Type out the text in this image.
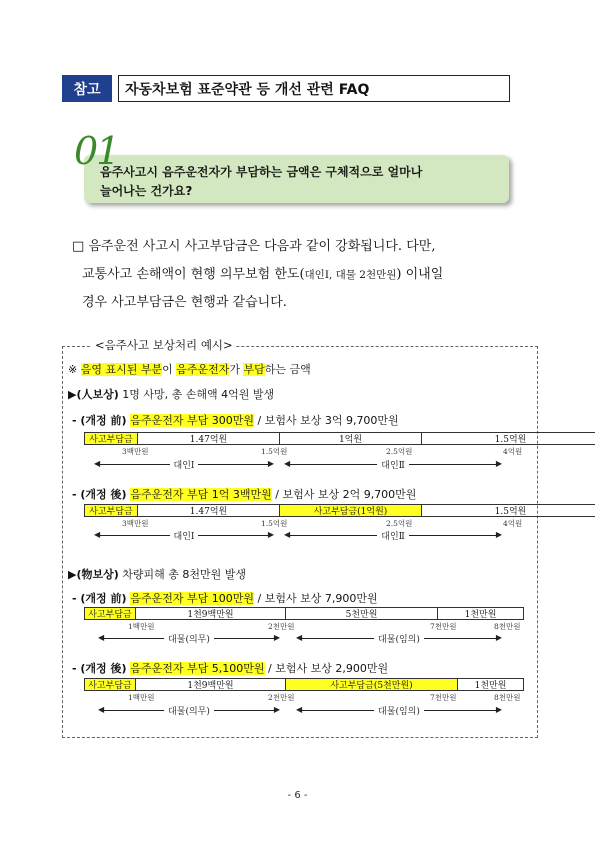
참고	자동차보험 표준약관 등 개선 관련 FAQ
01
음주사고시 음주운전자가 부담하는 금액은 구체적으로 얼마나
늘어나는 건가요?
□ 음주운전 사고시 사고부담금은 다음과 같이 강화됩니다. 다만,
교통사고 손해액이 현행 의무보험 한도(대인Ⅰ, 대물 2천만원) 이내일
경우 사고부담금은 현행과 같습니다.
<음주사고 보상처리 예시>
※ 음영 표시된 부분이 음주운전자가 부담하는 금액
▶(人보상) 1명 사망, 총 손해액 4억원 발생
- (개정 前) 음주운전자 부담 300만원 / 보험사 보상 3억 9,700만원
사고부담금	1.47억원	1억원	1.5억원
3백만원	1.5억원	2.5억원	4억원
◀	대인Ⅰ	▶ ◀	대인Ⅱ	▶
- (개정 後) 음주운전자 부담 1억 3백만원 / 보험사 보상 2억 9,700만원
사고부담금	1.47억원	사고부담금(1억원)	1.5억원
3백만원	1.5억원	2.5억원	4억원
◀	대인Ⅰ	▶ ◀	대인Ⅱ	▶
▶(物보상) 차량피해 총 8천만원 발생
- (개정 前) 음주운전자 부담 100만원 / 보험사 보상 7,900만원
사고부담금	1천9백만원	5천만원	1천만원
1백만원	2천만원	7천만원	8천만원
◀	대물(의무)	▶ ◀	대물(임의)	▶
- (개정 後) 음주운전자 부담 5,100만원 / 보험사 보상 2,900만원
사고부담금	1천9백만원	사고부담금(5천만원)	1천만원
1백만원	2천만원	7천만원	8천만원
◀	대물(의무)	▶ ◀	대물(임의)	▶
- 6 -
